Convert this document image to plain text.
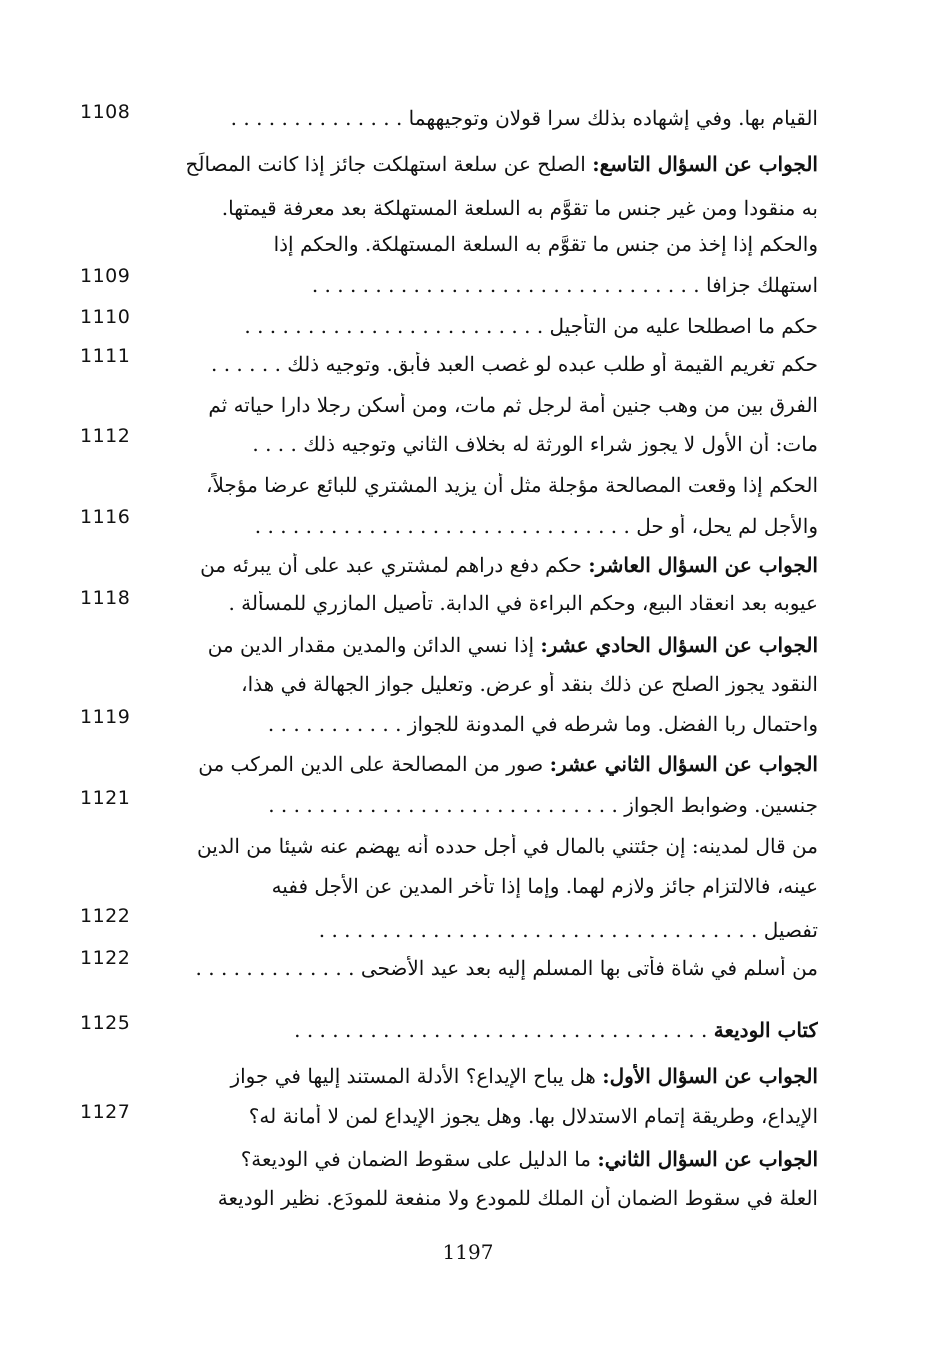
القيام بها. وفي إشهاده بذلك سرا قولان وتوجيههما . . . . . . . . . . . . . .
1108
الجواب عن السؤال التاسع: الصلح عن سلعة استهلكت جائز إذا كانت المصالَح
به منقودا ومن غير جنس ما تقوَّم به السلعة المستهلكة بعد معرفة قيمتها.
والحكم إذا إخذ من جنس ما تقوَّم به السلعة المستهلكة. والحكم إذا
استهلك جزافا . . . . . . . . . . . . . . . . . . . . . . . . . . . . . . .
1109
حكم ما اصطلحا عليه من التأجيل . . . . . . . . . . . . . . . . . . . . . . . .
1110
حكم تغريم القيمة أو طلب عبده لو غصب العبد فأبق. وتوجيه ذلك . . . . . .
1111
الفرق بين من وهب جنين أمة لرجل ثم مات، ومن أسكن رجلا دارا حياته ثم
مات: أن الأول لا يجوز شراء الورثة له بخلاف الثاني وتوجيه ذلك . . . .
1112
الحكم إذا وقعت المصالحة مؤجلة مثل أن يزيد المشتري للبائع عرضا مؤجلاً،
والأجل لم يحل، أو حل . . . . . . . . . . . . . . . . . . . . . . . . . . . . . .
1116
الجواب عن السؤال العاشر: حكم دفع دراهم لمشتري عبد على أن يبرئه من
عيوبه بعد انعقاد البيع، وحكم البراءة في الدابة. تأصيل المازري للمسألة .
1118
الجواب عن السؤال الحادي عشر: إذا نسي الدائن والمدين مقدار الدين من
النقود يجوز الصلح عن ذلك بنقد أو عرض. وتعليل جواز الجهالة في هذا،
واحتمال ربا الفضل. وما شرطه في المدونة للجواز . . . . . . . . . . .
1119
الجواب عن السؤال الثاني عشر: صور من المصالحة على الدين المركب من
جنسين. وضوابط الجواز . . . . . . . . . . . . . . . . . . . . . . . . . . . .
1121
من قال لمدينه: إن جئتني بالمال في أجل حدده أنه يهضم عنه شيئا من الدين
عينه، فالالتزام جائز ولازم لهما. وإما إذا تأخر المدين عن الأجل ففيه
تفصيل . . . . . . . . . . . . . . . . . . . . . . . . . . . . . . . . . . .
1122
من أسلم في شاة فأتى بها المسلم إليه بعد عيد الأضحى . . . . . . . . . . . . .
1122
كتاب الوديعة . . . . . . . . . . . . . . . . . . . . . . . . . . . . . . . . .
1125
الجواب عن السؤال الأول: هل يباح الإيداع؟ الأدلة المستند إليها في جواز
الإيداع، وطريقة إتمام الاستدلال بها. وهل يجوز الإيداع لمن لا أمانة له؟
1127
الجواب عن السؤال الثاني: ما الدليل على سقوط الضمان في الوديعة؟
العلة في سقوط الضمان أن الملك للمودع ولا منفعة للمودَع. نظير الوديعة
1197
